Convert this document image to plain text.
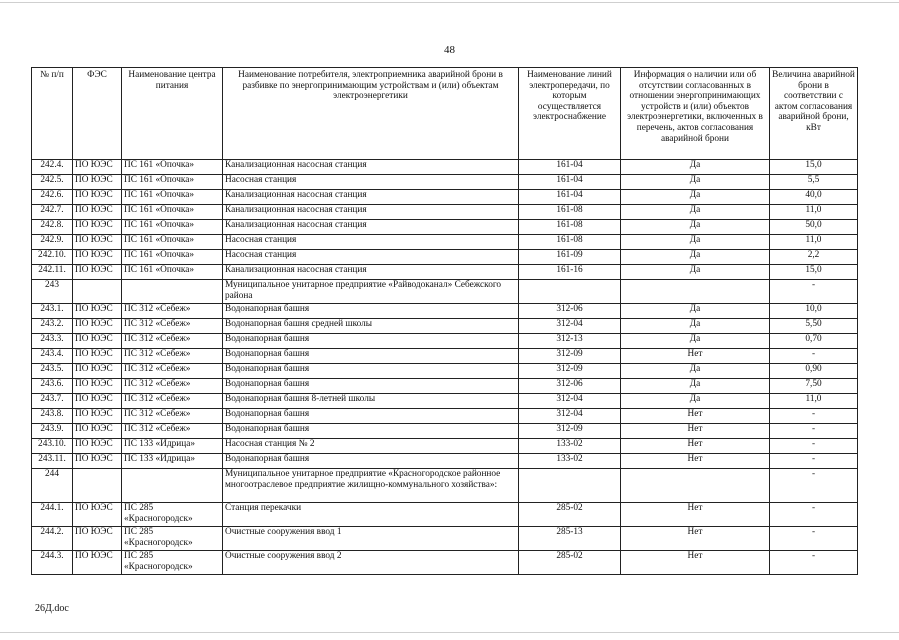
48
№ п/п	ФЭС	Наименование центра питания	Наименование потребителя, электроприемника аварийной брони в разбивке по энергопринимающим устройствам и (или) объектам электроэнергетики	Наименование линий электропередачи, по которым осуществляется электроснабжение	Информация о наличии или об отсутствии согласованных в отношении энергопринимающих устройств и (или) объектов электроэнергетики, включенных в перечень, актов согласования аварийной брони	Величина аварийной брони в соответствии с актом согласования аварийной брони, кВт
242.4.	ПО ЮЭС	ПС 161 «Опочка»	Канализационная насосная станция	161-04	Да	15,0
242.5.	ПО ЮЭС	ПС 161 «Опочка»	Насосная станция	161-04	Да	5,5
242.6.	ПО ЮЭС	ПС 161 «Опочка»	Канализационная насосная станция	161-04	Да	40,0
242.7.	ПО ЮЭС	ПС 161 «Опочка»	Канализационная насосная станция	161-08	Да	11,0
242.8.	ПО ЮЭС	ПС 161 «Опочка»	Канализационная насосная станция	161-08	Да	50,0
242.9.	ПО ЮЭС	ПС 161 «Опочка»	Насосная станция	161-08	Да	11,0
242.10.	ПО ЮЭС	ПС 161 «Опочка»	Насосная станция	161-09	Да	2,2
242.11.	ПО ЮЭС	ПС 161 «Опочка»	Канализационная насосная станция	161-16	Да	15,0
243			Муниципальное унитарное предприятие «Райводоканал» Себежского района			-
243.1.	ПО ЮЭС	ПС 312 «Себеж»	Водонапорная башня	312-06	Да	10,0
243.2.	ПО ЮЭС	ПС 312 «Себеж»	Водонапорная башня средней школы	312-04	Да	5,50
243.3.	ПО ЮЭС	ПС 312 «Себеж»	Водонапорная башня	312-13	Да	0,70
243.4.	ПО ЮЭС	ПС 312 «Себеж»	Водонапорная башня	312-09	Нет	-
243.5.	ПО ЮЭС	ПС 312 «Себеж»	Водонапорная башня	312-09	Да	0,90
243.6.	ПО ЮЭС	ПС 312 «Себеж»	Водонапорная башня	312-06	Да	7,50
243.7.	ПО ЮЭС	ПС 312 «Себеж»	Водонапорная башня 8-летней школы	312-04	Да	11,0
243.8.	ПО ЮЭС	ПС 312 «Себеж»	Водонапорная башня	312-04	Нет	-
243.9.	ПО ЮЭС	ПС 312 «Себеж»	Водонапорная башня	312-09	Нет	-
243.10.	ПО ЮЭС	ПС 133 «Идрица»	Насосная станция № 2	133-02	Нет	-
243.11.	ПО ЮЭС	ПС 133 «Идрица»	Водонапорная башня	133-02	Нет	-
244			Муниципальное унитарное предприятие «Красногородское районное многоотраслевое предприятие жилищно-коммунального хозяйства»:			-
244.1.	ПО ЮЭС	ПС 285 «Красногородск»	Станция перекачки	285-02	Нет	-
244.2.	ПО ЮЭС	ПС 285 «Красногородск»	Очистные сооружения ввод 1	285-13	Нет	-
244.3.	ПО ЮЭС	ПС 285 «Красногородск»	Очистные сооружения ввод 2	285-02	Нет	-
26Д.doc
